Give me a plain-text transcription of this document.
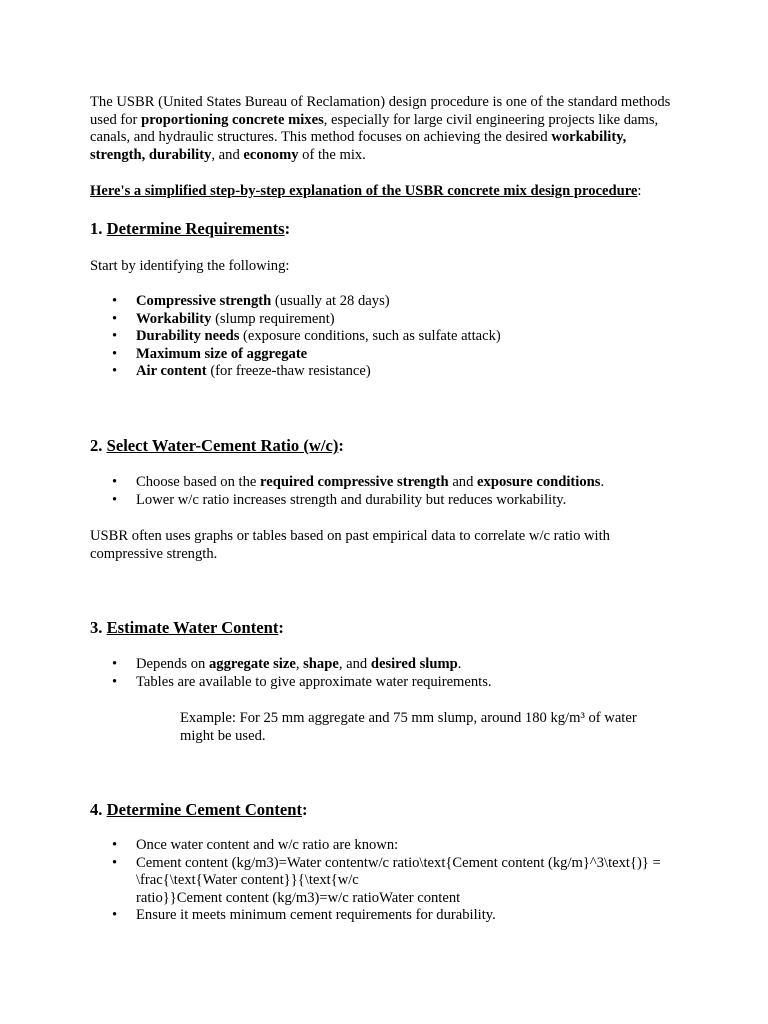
The USBR (United States Bureau of Reclamation) design procedure is one of the standard methods used for proportioning concrete mixes, especially for large civil engineering projects like dams, canals, and hydraulic structures. This method focuses on achieving the desired workability, strength, durability, and economy of the mix.

Here's a simplified step-by-step explanation of the USBR concrete mix design procedure:

1. Determine Requirements:

Start by identifying the following:

• Compressive strength (usually at 28 days)
• Workability (slump requirement)
• Durability needs (exposure conditions, such as sulfate attack)
• Maximum size of aggregate
• Air content (for freeze-thaw resistance)

2. Select Water-Cement Ratio (w/c):

• Choose based on the required compressive strength and exposure conditions.
• Lower w/c ratio increases strength and durability but reduces workability.

USBR often uses graphs or tables based on past empirical data to correlate w/c ratio with compressive strength.

3. Estimate Water Content:

• Depends on aggregate size, shape, and desired slump.
• Tables are available to give approximate water requirements.

Example: For 25 mm aggregate and 75 mm slump, around 180 kg/m³ of water might be used.

4. Determine Cement Content:

• Once water content and w/c ratio are known:
• Cement content (kg/m3)=Water contentw/c ratio\text{Cement content (kg/m}^3\text{)} = \frac{\text{Water content}}{\text{w/c
ratio}}Cement content (kg/m3)=w/c ratioWater content
• Ensure it meets minimum cement requirements for durability.
